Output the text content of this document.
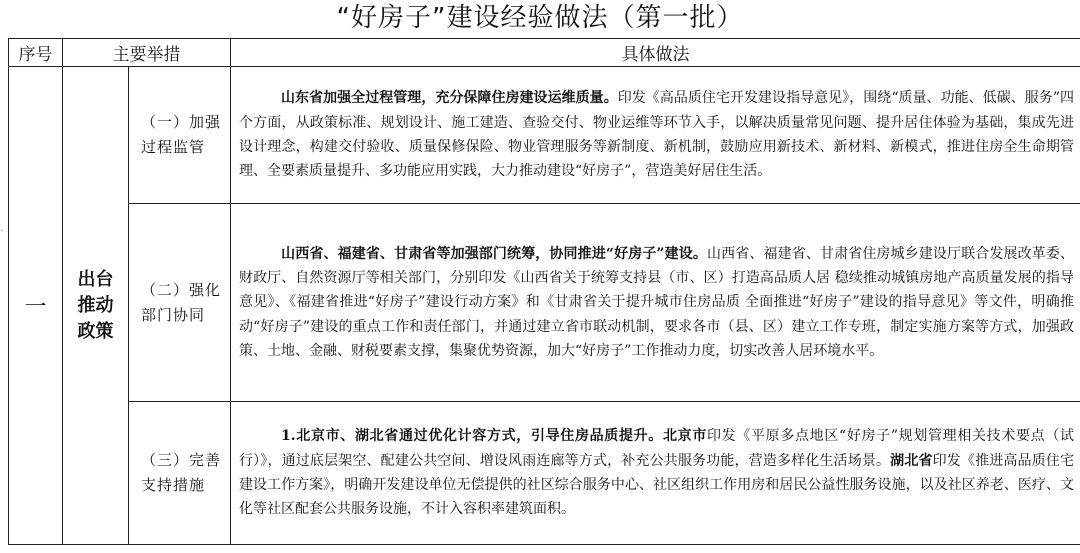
“好房子”建设经验做法（第一批）
·
序号	主要举措		具体做法
一	出台推动政策	（一）加强过程监管	山东省加强全过程管理，充分保障住房建设运维质量。印发《高品质住宅开发建设指导意见》，围绕“质量、功能、低碳、服务”四个方面，从政策标准、规划设计、施工建造、查验交付、物业运维等环节入手，以解决质量常见问题、提升居住体验为基础，集成先进设计理念，构建交付验收、质量保修保险、物业管理服务等新制度、新机制，鼓励应用新技术、新材料、新模式，推进住房全生命期管理、全要素质量提升、多功能应用实践，大力推动建设“好房子”，营造美好居住生活。
		（二）强化部门协同	山西省、福建省、甘肃省等加强部门统筹，协同推进“好房子”建设。山西省、福建省、甘肃省住房城乡建设厅联合发展改革委、财政厅、自然资源厅等相关部门，分别印发《山西省关于统筹支持县（市、区）打造高品质人居 稳续推动城镇房地产高质量发展的指导意见》、《福建省推进“好房子”建设行动方案》和《甘肃省关于提升城市住房品质 全面推进“好房子”建设的指导意见》等文件，明确推动“好房子”建设的重点工作和责任部门，并通过建立省市联动机制，要求各市（县、区）建立工作专班，制定实施方案等方式，加强政策、土地、金融、财税要素支撑，集聚优势资源，加大“好房子”工作推动力度，切实改善人居环境水平。
		（三）完善支持措施	1.北京市、湖北省通过优化计容方式，引导住房品质提升。北京市印发《平原多点地区“好房子”规划管理相关技术要点（试行）》，通过底层架空、配建公共空间、增设风雨连廊等方式，补充公共服务功能，营造多样化生活场景。湖北省印发《推进高品质住宅建设工作方案》，明确开发建设单位无偿提供的社区综合服务中心、社区组织工作用房和居民公益性服务设施，以及社区养老、医疗、文化等社区配套公共服务设施，不计入容积率建筑面积。
